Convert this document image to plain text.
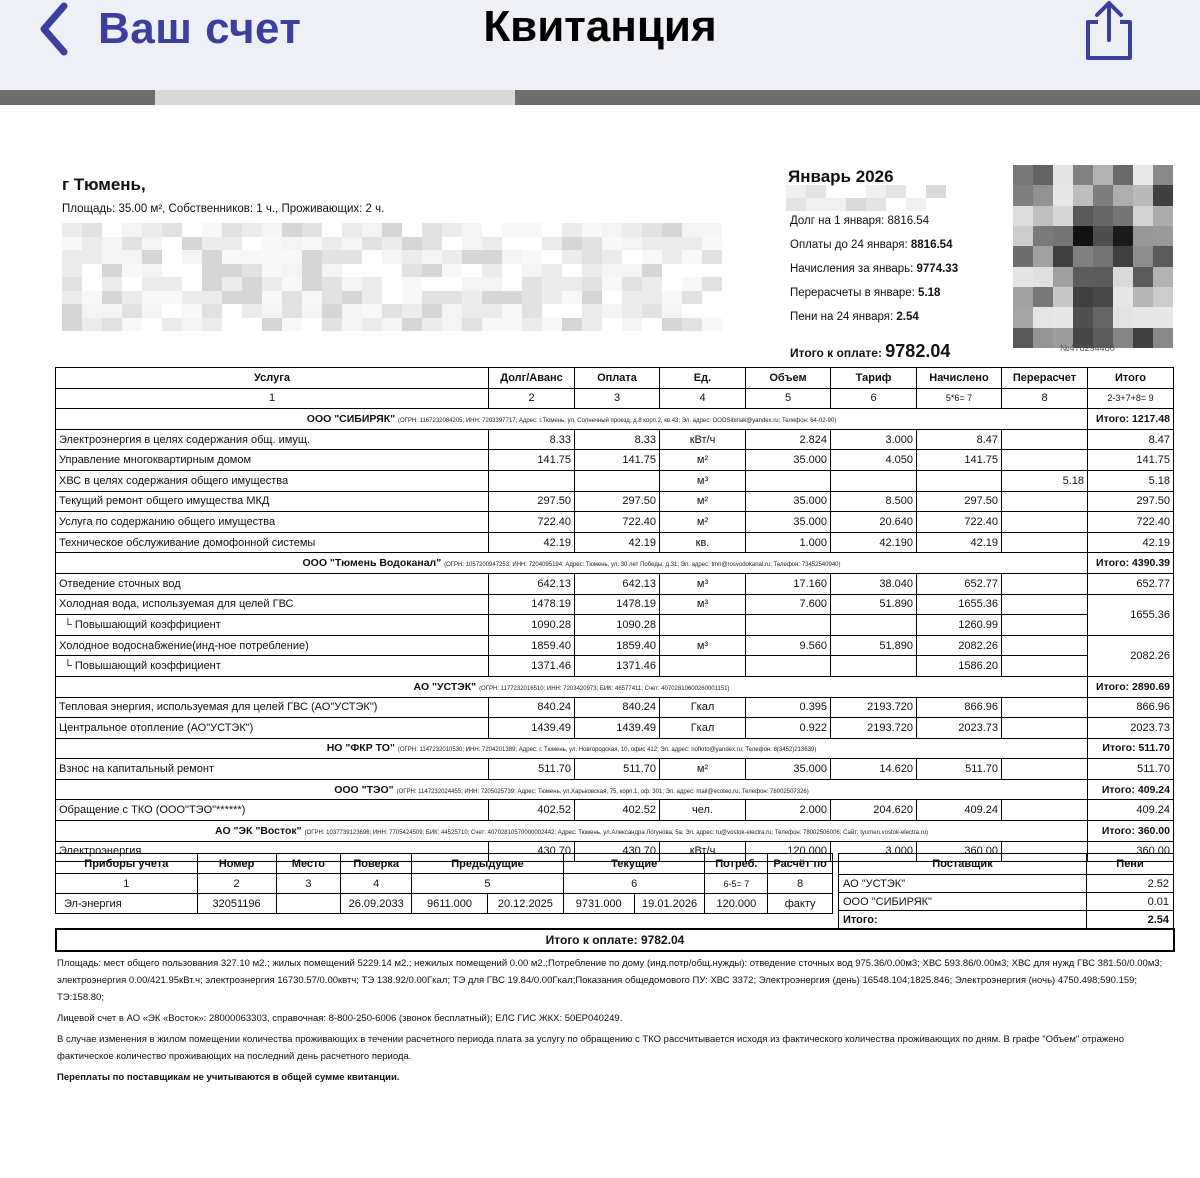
Ваш счет	Квитанция
г Тюмень,
Площадь: 35.00 м², Собственников: 1 ч., Проживающих: 2 ч.
Январь 2026
Долг на 1 января: 8816.54
Оплаты до 24 января: 8816.54
Начисления за январь: 9774.33
Перерасчеты в январе: 5.18
Пени на 24 января: 2.54
Итого к оплате: 9782.04	№478294480
Услуга	Долг/Аванс	Оплата	Ед.	Объем	Тариф	Начислено	Перерасчет	Итого
1	2	3	4	5	6	5*6= 7	8	2-3+7+8= 9
ООО "СИБИРЯК" (ОГРН: 1167232084205; ИНН: 7203397717; Адрес: г.Тюмень, ул. Солнечный проезд, д.8 корп.2, кв.43; Эл. адрес: OOOSibiriak@yandex.ru; Телефон: 64-02-90)								Итого: 1217.48
Электроэнергия в целях содержания общ. имущ.	8.33	8.33	кВт/ч	2.824	3.000	8.47		8.47
Управление многоквартирным домом	141.75	141.75	м²	35.000	4.050	141.75		141.75
ХВС в целях содержания общего имущества			м³				5.18	5.18
Текущий ремонт общего имущества МКД	297.50	297.50	м²	35.000	8.500	297.50		297.50
Услуга по содержанию общего имущества	722.40	722.40	м²	35.000	20.640	722.40		722.40
Техническое обслуживание домофонной системы	42.19	42.19	кв.	1.000	42.190	42.19		42.19
ООО "Тюмень Водоканал" (ОГРН: 1057200947253; ИНН: 7204095194; Адрес: Тюмень, ул. 30 лет Победы, д.31; Эл. адрес: tmn@rosvodokanal.ru; Телефон: 73452540940)								Итого: 4390.39
Отведение сточных вод	642.13	642.13	м³	17.160	38.040	652.77		652.77
Холодная вода, используемая для целей ГВС	1478.19	1478.19	м³	7.600	51.890	1655.36		1655.36
└ Повышающий коэффициент	1090.28	1090.28				1260.99		
Холодное водоснабжение(инд-ное потребление)	1859.40	1859.40	м³	9.560	51.890	2082.26		2082.26
└ Повышающий коэффициент	1371.46	1371.46				1586.20		
АО "УСТЭК" (ОГРН: 1177232016510; ИНН: 7203420973; БИК: 46577411; Счет: 40702810600260001151)								Итого: 2890.69
Тепловая энергия, используемая для целей ГВС (АО"УСТЭК")	840.24	840.24	Гкал	0.395	2193.720	866.96		866.96
Центральное отопление (АО"УСТЭК")	1439.49	1439.49	Гкал	0.922	2193.720	2023.73		2023.73
НО "ФКР ТО" (ОГРН: 1147232010530; ИНН: 7204201389; Адрес: г. Тюмень, ул. Новгородская, 10, офис 412; Эл. адрес: nofkrto@yandex.ru; Телефон: 8(3452)213639)								Итого: 511.70
Взнос на капитальный ремонт	511.70	511.70	м²	35.000	14.620	511.70		511.70
ООО "ТЭО" (ОГРН: 1147232024455; ИНН: 7205025739; Адрес: Тюмень, ул.Харьковская, 75, корп.1, оф. 301; Эл. адрес: mail@ecoteo.ru; Телефон: 78002507326)								Итого: 409.24
Обращение с ТКО (ООО"ТЭО"******)	402.52	402.52	чел.	2.000	204.620	409.24		409.24
АО "ЭК "Восток" (ОГРН: 1037739123696; ИНН: 7705424509; БИК: 44525710; Счет: 40702810570000002442; Адрес: Тюмень, ул.Александра Логунова, 5а; Эл. адрес: tu@vostok-electra.ru; Телефон: 78002506006; Сайт: tyumen.vostok-electra.ru)								Итого: 360.00
Электроэнергия	430.70	430.70	кВт/ч	120.000	3.000	360.00		360.00
Приборы учета	Номер	Место	Поверка	Предыдущие		Текущие		Потреб.	Расчёт по
1	2	3	4	5		6		6-5= 7	8
Эл-энергия	32051196		26.09.2033	9611.000	20.12.2025	9731.000	19.01.2026	120.000	факту
Поставщик	Пени
АО "УСТЭК"	2.52
ООО "СИБИРЯК"	0.01
Итого:	2.54
Итого к оплате: 9782.04

Площадь: мест общего пользования 327.10 м2.; жилых помещений 5229.14 м2.; нежилых помещений 0.00 м2.;Потребление по дому (инд.потр/общ.нужды): отведение сточных вод 975.36/0.00м3; ХВС 593.86/0.00м3; ХВС для нужд ГВС 381.50/0.00м3; электроэнергия 0.00/421.95кВт.ч; электроэнергия 16730.57/0.00квтч; ТЭ 138.92/0.00Гкал; ТЭ для ГВС 19.84/0.00Гкал;Показания общедомового ПУ: ХВС 3372; Электроэнергия (день) 16548.104;1825.846; Электроэнергия (ночь) 4750.498;590.159; ТЭ:158.80;

Лицевой счет в АО «ЭК «Восток»: 28000063303, справочная: 8-800-250-6006 (звонок бесплатный); ЕЛС ГИС ЖКХ: 50ЕР040249.

В случае изменения в жилом помещении количества проживающих в течении расчетного периода плата за услугу по обращению с ТКО рассчитывается исходя из фактического количества проживающих по дням. В графе "Объем" отражено фактическое количество проживающих на последний день расчетного периода.

Переплаты по поставщикам не учитываются в общей сумме квитанции.
